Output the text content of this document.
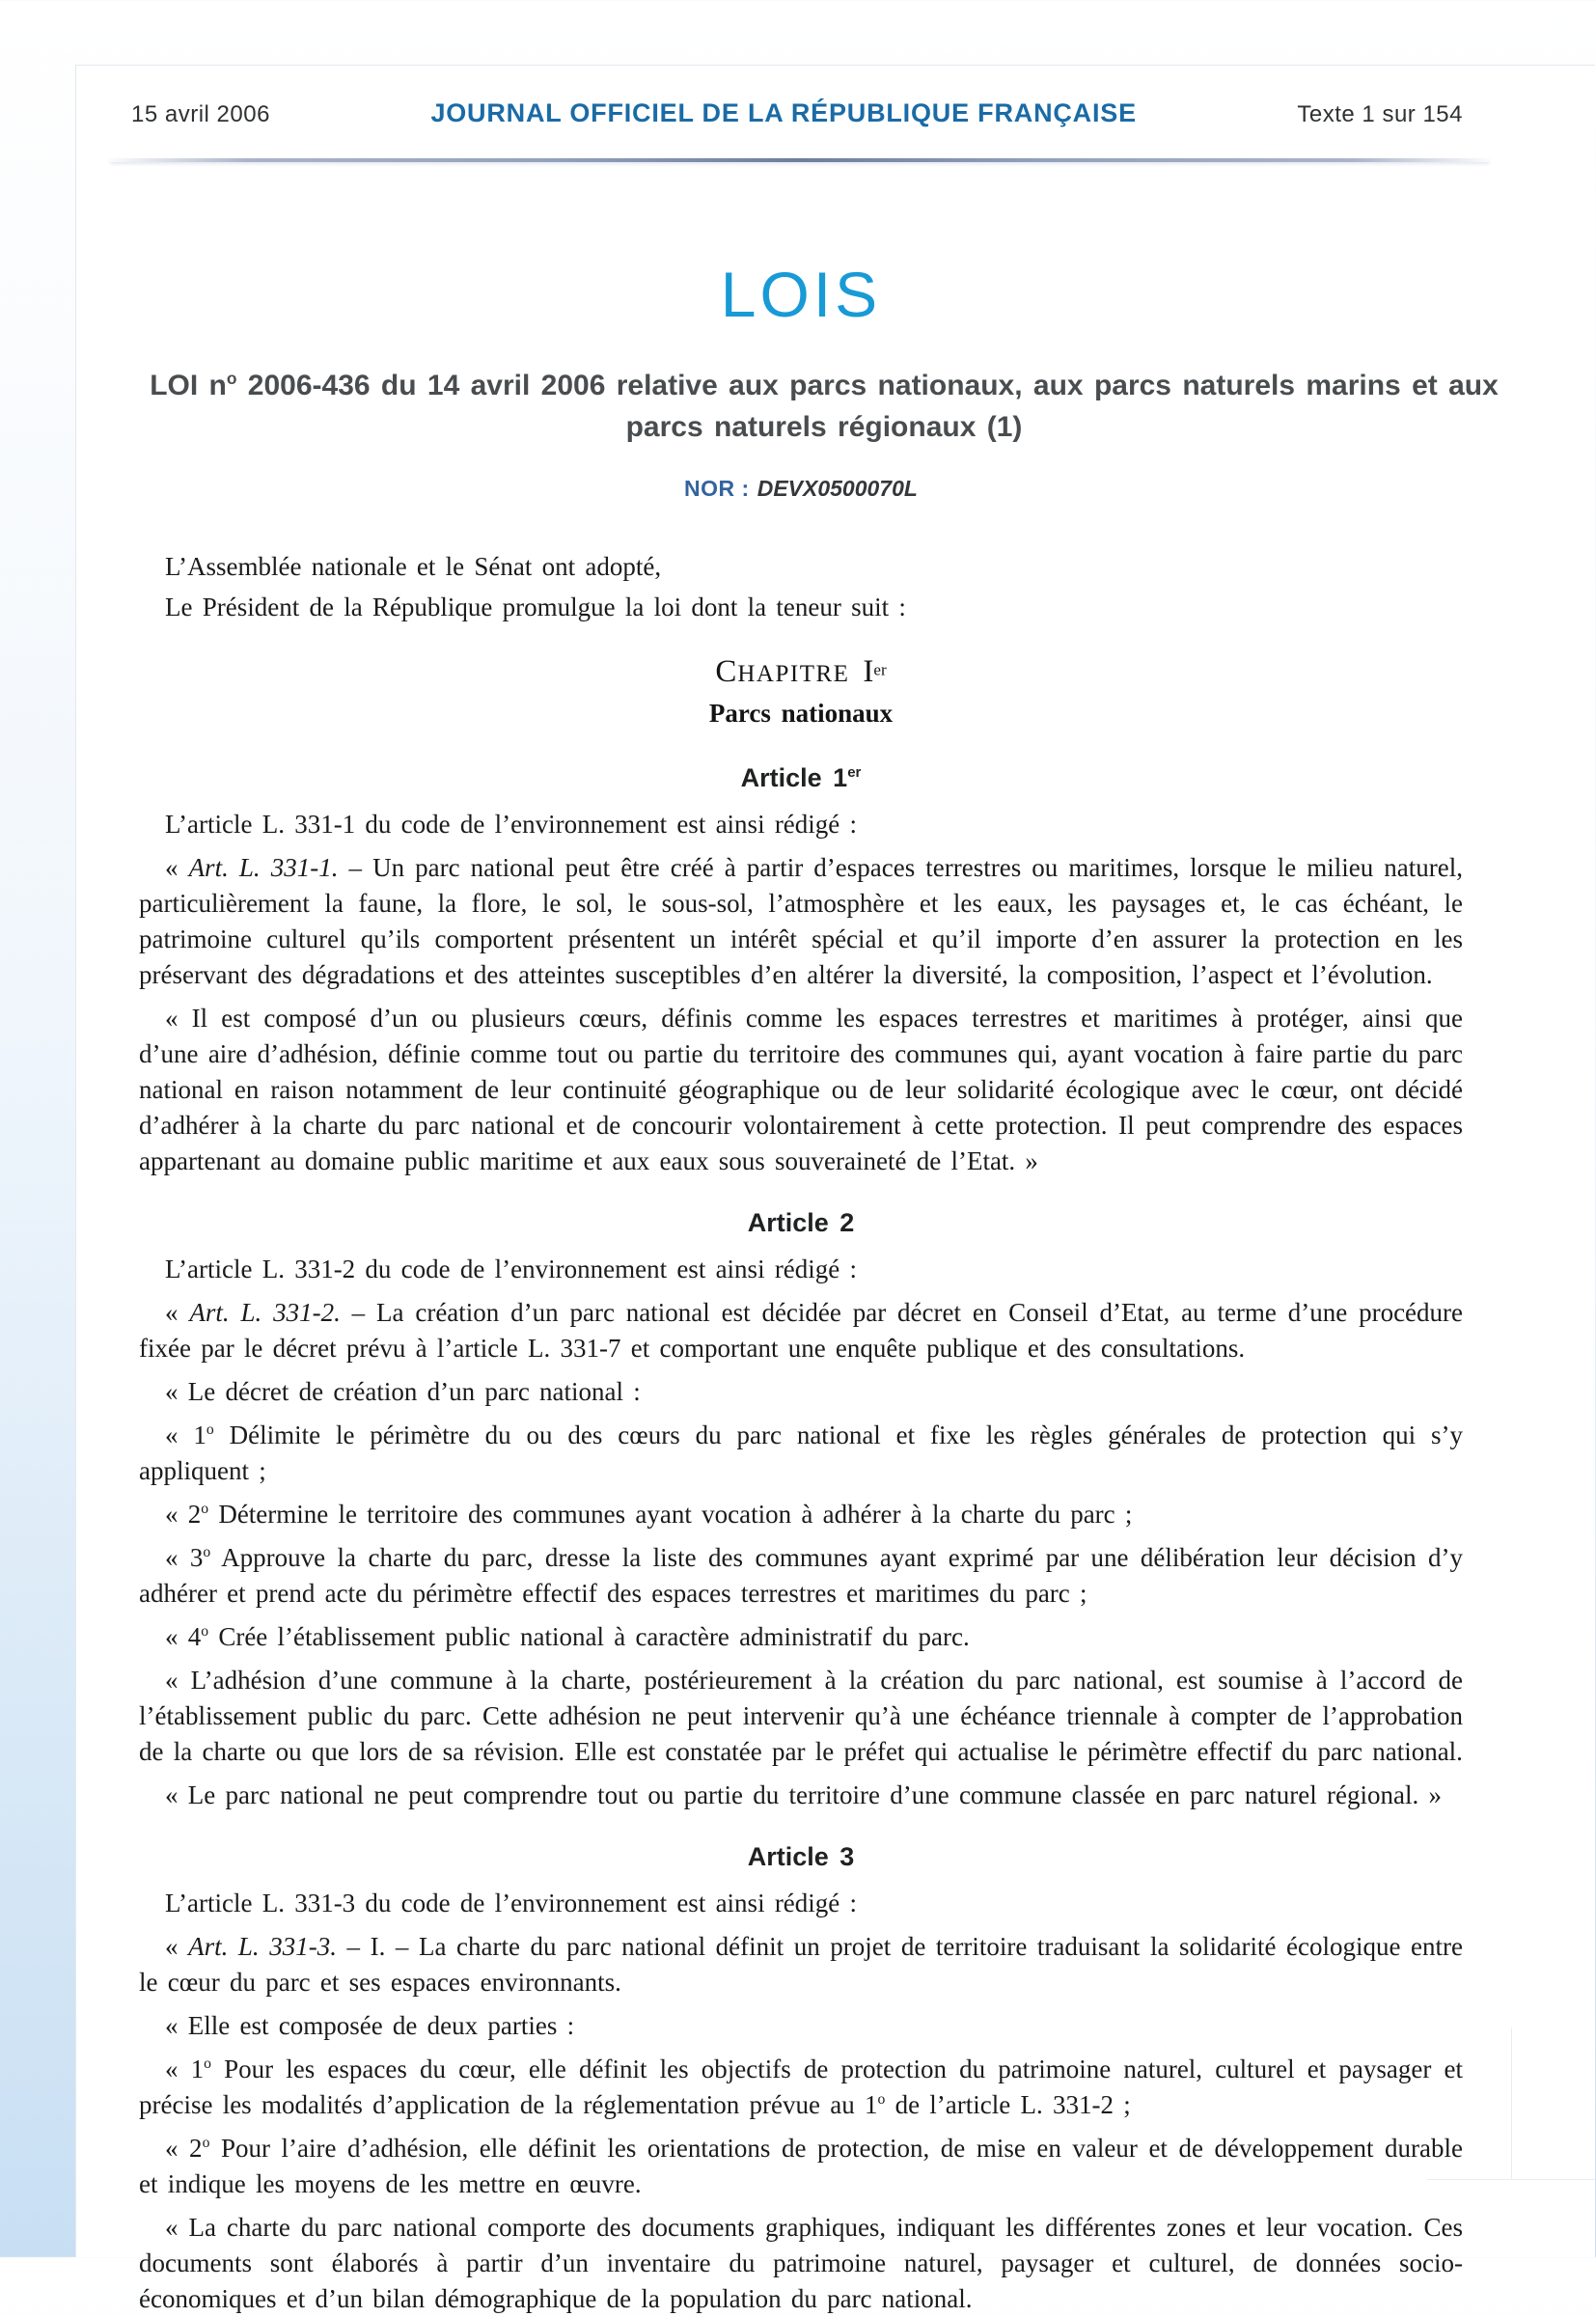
15 avril 2006	JOURNAL OFFICIEL DE LA RÉPUBLIQUE FRANÇAISE	Texte 1 sur 154
LOIS
LOI $n^o$ 2006-436 du 14 avril 2006 relative aux parcs nationaux, aux parcs naturels marins et aux parcs naturels régionaux (1)
NOR : DEVX0500070L

L’Assemblée nationale et le Sénat ont adopté,

Le Président de la République promulgue la loi dont la teneur suit :

CHAPITRE Ier
Parcs nationaux
Article 1er

L’article L. 331-1 du code de l’environnement est ainsi rédigé :

« Art. L. 331-1. – Un parc national peut être créé à partir d’espaces terrestres ou maritimes, lorsque le milieu naturel, particulièrement la faune, la flore, le sol, le sous-sol, l’atmosphère et les eaux, les paysages et, le cas échéant, le patrimoine culturel qu’ils comportent présentent un intérêt spécial et qu’il importe d’en assurer la protection en les préservant des dégradations et des atteintes susceptibles d’en altérer la diversité, la composition, l’aspect et l’évolution.

« Il est composé d’un ou plusieurs cœurs, définis comme les espaces terrestres et maritimes à protéger, ainsi que d’une aire d’adhésion, définie comme tout ou partie du territoire des communes qui, ayant vocation à faire partie du parc national en raison notamment de leur continuité géographique ou de leur solidarité écologique avec le cœur, ont décidé d’adhérer à la charte du parc national et de concourir volontairement à cette protection. Il peut comprendre des espaces appartenant au domaine public maritime et aux eaux sous souveraineté de l’Etat. »

Article 2

L’article L. 331-2 du code de l’environnement est ainsi rédigé :

« Art. L. 331-2. – La création d’un parc national est décidée par décret en Conseil d’Etat, au terme d’une procédure fixée par le décret prévu à l’article L. 331-7 et comportant une enquête publique et des consultations.

« Le décret de création d’un parc national :

« 1$^o$ Délimite le périmètre du ou des cœurs du parc national et fixe les règles générales de protection qui s’y appliquent ;

« 2$^o$ Détermine le territoire des communes ayant vocation à adhérer à la charte du parc ;

« 3$^o$ Approuve la charte du parc, dresse la liste des communes ayant exprimé par une délibération leur décision d’y adhérer et prend acte du périmètre effectif des espaces terrestres et maritimes du parc ;

« 4$^o$ Crée l’établissement public national à caractère administratif du parc.

« L’adhésion d’une commune à la charte, postérieurement à la création du parc national, est soumise à l’accord de l’établissement public du parc. Cette adhésion ne peut intervenir qu’à une échéance triennale à compter de l’approbation de la charte ou que lors de sa révision. Elle est constatée par le préfet qui actualise le périmètre effectif du parc national.

« Le parc national ne peut comprendre tout ou partie du territoire d’une commune classée en parc naturel régional. »

Article 3

L’article L. 331-3 du code de l’environnement est ainsi rédigé :

« Art. L. 331-3. – I. – La charte du parc national définit un projet de territoire traduisant la solidarité écologique entre le cœur du parc et ses espaces environnants.

« Elle est composée de deux parties :

« 1$^o$ Pour les espaces du cœur, elle définit les objectifs de protection du patrimoine naturel, culturel et paysager et précise les modalités d’application de la réglementation prévue au 1$^o$ de l’article L. 331-2 ;

« 2$^o$ Pour l’aire d’adhésion, elle définit les orientations de protection, de mise en valeur et de développement durable et indique les moyens de les mettre en œuvre.

« La charte du parc national comporte des documents graphiques, indiquant les différentes zones et leur vocation. Ces documents sont élaborés à partir d’un inventaire du patrimoine naturel, paysager et culturel, de données socio-économiques et d’un bilan démographique de la population du parc national.
